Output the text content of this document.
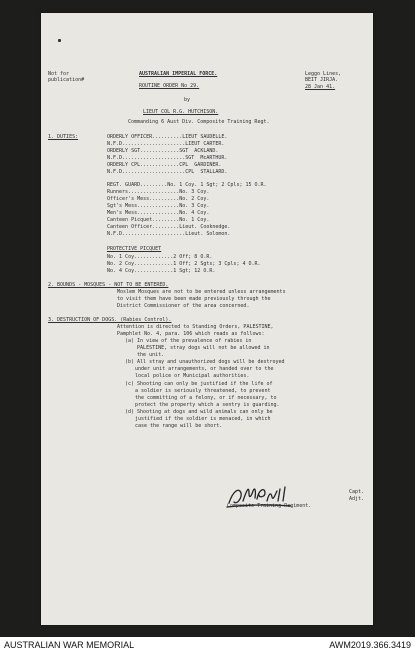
Not for
publication#
AUSTRALIAN IMPERIAL FORCE.
ROUTINE ORDER No 29.
Leggo Lines,
BEIT JIRJA.
28 Jan 41.
by
LIEUT COL R.G. HUTCHISON.
Commanding 6 Aust Div. Composite Training Regt.
1. DUTIES:	ORDERLY OFFICER..........LIEUT SAUDELLE.
N.F.D.....................LIEUT CARTER.
ORDERLY SGT.............SGT  ACKLAND.
N.F.D.....................SGT  McARTHUR.
ORDERLY CPL.............CPL  GARDINER.
N.F.D.....................CPL  STALLARD.
REGT. GUARD.........No. 1 Coy. 1 Sgt; 2 Cpls; 15 O.R.
Runners.................No. 3 Coy.
Officer's Mess..........No. 2 Coy.
Sgt's Mess..............No. 3 Coy.
Men's Mess..............No. 4 Coy.
Canteen Picquet.........No. 1 Coy.
Canteen Officer.........Lieut. Cooknedge.
N.F.D.....................Lieut. Solomon.
PROTECTIVE PICQUET
No. 1 Coy.............2 Off; 8 O.R.
No. 2 Coy.............1 Off; 2 Sgts; 3 Cpls; 4 O.R.
No. 4 Coy.............1 Sgt; 12 O.R.
2. BOUNDS - MOSQUES - NOT TO BE ENTERED.
Moslem Mosques are not to be entered unless arrangements
to visit them have been made previously through the
District Commissioner of the area concerned.
3. DESTRUCTION OF DOGS. (Rabies Control).
Attention is directed to Standing Orders, PALESTINE,
Pamphlet No. 4, para. 106 which reads as follows:
(a) In view of the prevalence of rabies in
PALESTINE, stray dogs will not be allowed in
the unit.
(b) All stray and unauthorized dogs will be destroyed
under unit arrangements, or handed over to the
local police or Municipal authorities.
(c) Shooting can only be justified if the life of
a soldier is seriously threatened, to prevent
the committing of a felony, or if necessary, to
protect the property which a sentry is guarding.
(d) Shooting at dogs and wild animals can only be
justified if the soldier is menaced, in which
case the range will be short.
Capt.
Adjt.
Composite Training Regiment.
AUSTRALIAN WAR MEMORIAL	AWM2019.366.3419
